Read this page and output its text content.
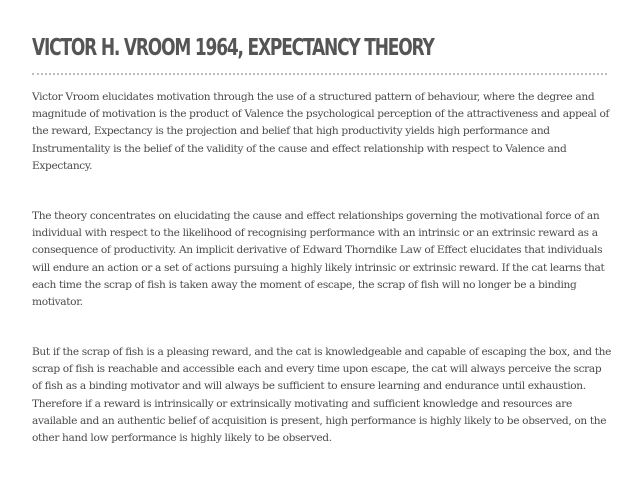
VICTOR H. VROOM 1964, EXPECTANCY THEORY

Victor Vroom elucidates motivation through the use of a structured pattern of behaviour, where the degree and magnitude of motivation is the product of Valence the psychological perception of the attractiveness and appeal of the reward, Expectancy is the projection and belief that high productivity yields high performance and Instrumentality is the belief of the validity of the cause and effect relationship with respect to Valence and Expectancy.

The theory concentrates on elucidating the cause and effect relationships governing the motivational force of an individual with respect to the likelihood of recognising performance with an intrinsic or an extrinsic reward as a consequence of productivity. An implicit derivative of Edward Thorndike Law of Effect elucidates that individuals will endure an action or a set of actions pursuing a highly likely intrinsic or extrinsic reward. If the cat learns that each time the scrap of fish is taken away the moment of escape, the scrap of fish will no longer be a binding motivator.

But if the scrap of fish is a pleasing reward, and the cat is knowledgeable and capable of escaping the box, and the scrap of fish is reachable and accessible each and every time upon escape, the cat will always perceive the scrap of fish as a binding motivator and will always be sufficient to ensure learning and endurance until exhaustion. Therefore if a reward is intrinsically or extrinsically motivating and sufficient knowledge and resources are available and an authentic belief of acquisition is present, high performance is highly likely to be observed, on the other hand low performance is highly likely to be observed.
